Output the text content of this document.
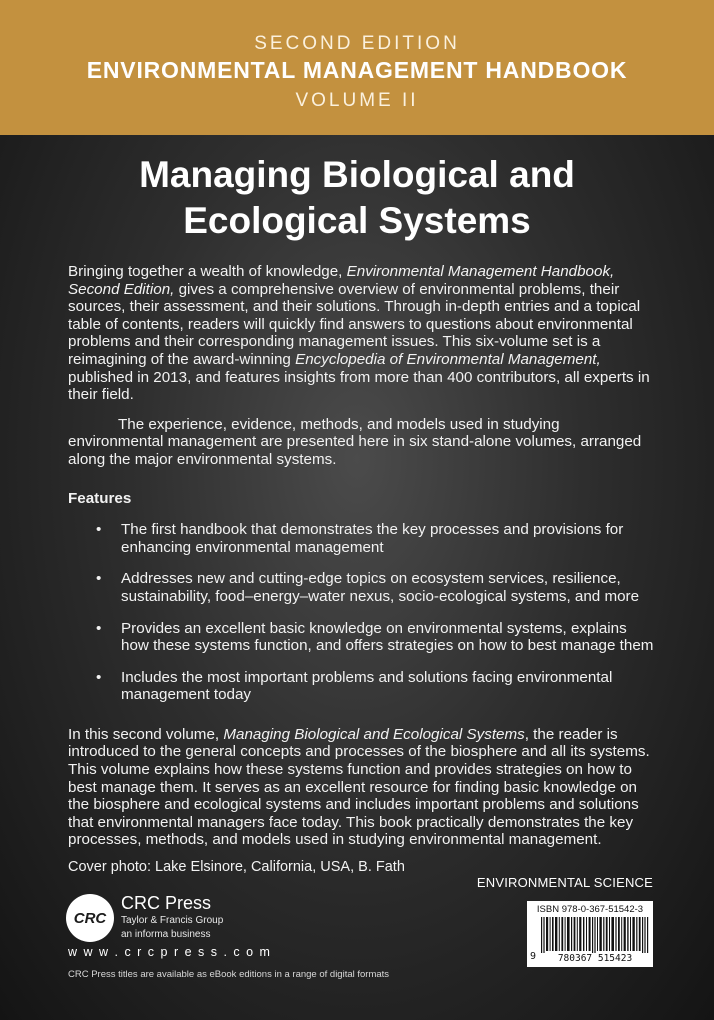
SECOND EDITION
ENVIRONMENTAL MANAGEMENT HANDBOOK
VOLUME II
Managing Biological and
Ecological Systems

Bringing together a wealth of knowledge, Environmental Management Handbook, Second Edition, gives a comprehensive overview of environmental problems, their sources, their assessment, and their solutions. Through in-depth entries and a topical table of contents, readers will quickly find answers to questions about environmental problems and their corresponding management issues. This six-volume set is a reimagining of the award-winning Encyclopedia of Environmental Management, published in 2013, and features insights from more than 400 contributors, all experts in their field.

The experience, evidence, methods, and models used in studying environmental management are presented here in six stand-alone volumes, arranged along the major environmental systems.

Features

• The first handbook that demonstrates the key processes and provisions for enhancing environmental management
• Addresses new and cutting-edge topics on ecosystem services, resilience, sustainability, food–energy–water nexus, socio-ecological systems, and more
• Provides an excellent basic knowledge on environmental systems, explains how these systems function, and offers strategies on how to best manage them
• Includes the most important problems and solutions facing environmental management today

In this second volume, Managing Biological and Ecological Systems, the reader is introduced to the general concepts and processes of the biosphere and all its systems. This volume explains how these systems function and provides strategies on how to best manage them. It serves as an excellent resource for finding basic knowledge on the biosphere and ecological systems and includes important problems and solutions that environmental managers face today. This book practically demonstrates the key processes, methods, and models used in studying environmental management.

Cover photo: Lake Elsinore, California, USA, B. Fath
CRC
CRC Press
Taylor & Francis Group
an informa business
w w w . c r c p r e s s . c o m
CRC Press titles are available as eBook editions in a range of digital formats
ENVIRONMENTAL SCIENCE
ISBN 978-0-367-51542-3
9	780367 515423
